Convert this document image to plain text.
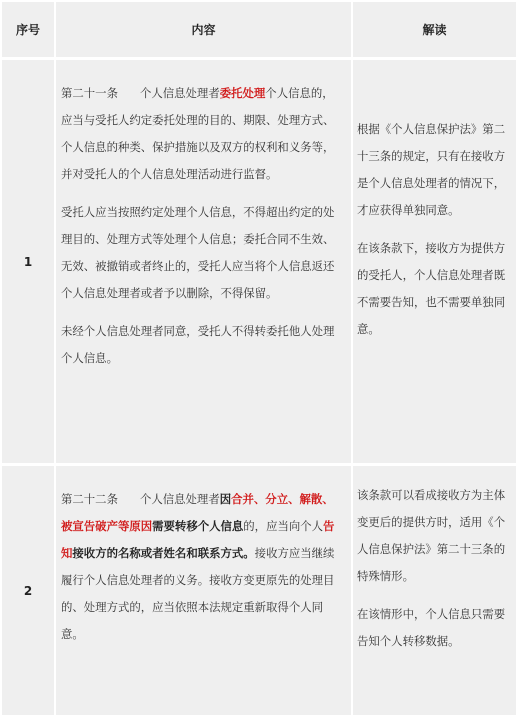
序号	内容	解读
1

第二十一条 个人信息处理者委托处理个人信息的，应当与受托人约定委托处理的目的、期限、处理方式、个人信息的种类、保护措施以及双方的权利和义务等，并对受托人的个人信息处理活动进行监督。

受托人应当按照约定处理个人信息，不得超出约定的处理目的、处理方式等处理个人信息；委托合同不生效、无效、被撤销或者终止的，受托人应当将个人信息返还个人信息处理者或者予以删除，不得保留。

未经个人信息处理者同意，受托人不得转委托他人处理个人信息。

根据《个人信息保护法》第二十三条的规定，只有在接收方是个人信息处理者的情况下，才应获得单独同意。

在该条款下，接收方为提供方的受托人，个人信息处理者既不需要告知，也不需要单独同意。

2

第二十二条 个人信息处理者因合并、分立、解散、被宣告破产等原因需要转移个人信息的，应当向个人告知接收方的名称或者姓名和联系方式。接收方应当继续履行个人信息处理者的义务。接收方变更原先的处理目的、处理方式的，应当依照本法规定重新取得个人同意。

该条款可以看成接收方为主体变更后的提供方时，适用《个人信息保护法》第二十三条的特殊情形。

在该情形中，个人信息只需要告知个人转移数据。
